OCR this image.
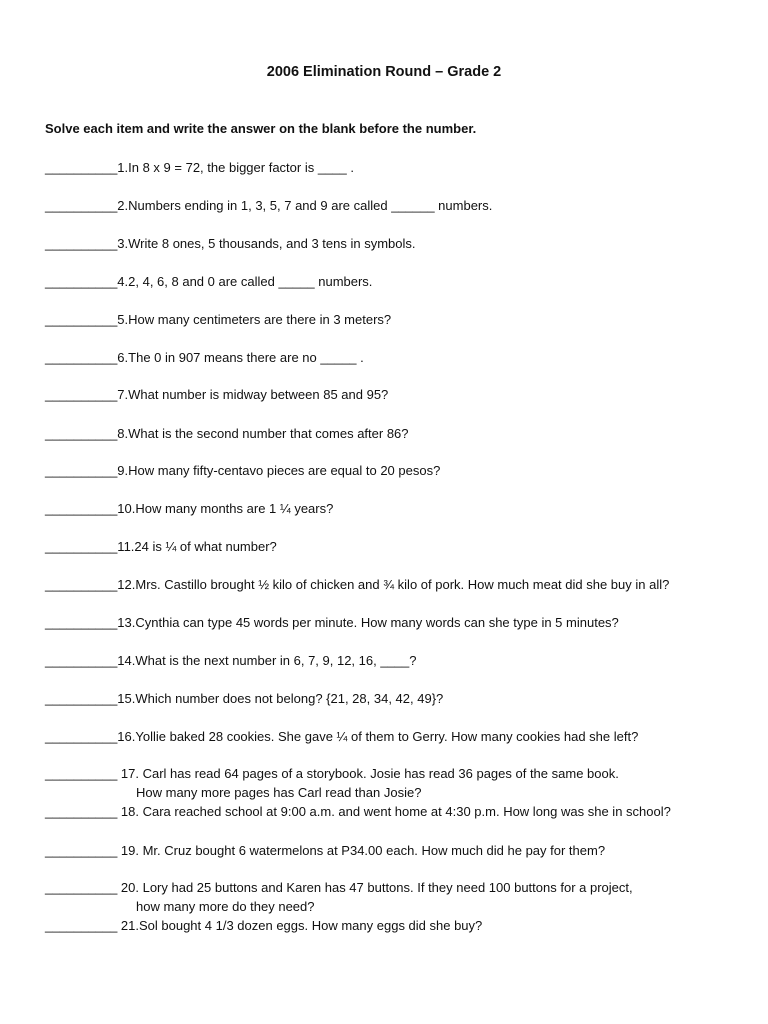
2006 Elimination Round – Grade 2
Solve each item and write the answer on the blank before the number.
__________1.In 8 x 9 = 72, the bigger factor is ____ .
__________2.Numbers ending in 1, 3, 5, 7 and 9 are called ______ numbers.
__________3.Write 8 ones, 5 thousands, and 3 tens in symbols.
__________4.2, 4, 6, 8 and 0 are called _____ numbers.
__________5.How many centimeters are there in 3 meters?
__________6.The 0 in 907 means there are no _____ .
__________7.What number is midway between 85 and 95?
__________8.What is the second number that comes after 86?
__________9.How many fifty-centavo pieces are equal to 20 pesos?
__________10.How many months are 1 ¼ years?
__________11.24 is ¼ of what number?
__________12.Mrs. Castillo brought ½ kilo of chicken and ¾ kilo of pork. How much meat did she buy in all?
__________13.Cynthia can type 45 words per minute. How many words can she type in 5 minutes?
__________14.What is the next number in 6, 7, 9, 12, 16, ____?
__________15.Which number does not belong? {21, 28, 34, 42, 49}?
__________16.Yollie baked 28 cookies. She gave ¼ of them to Gerry. How many cookies had she left?
__________ 17. Carl has read 64 pages of a storybook. Josie has read 36 pages of the same book.
How many more pages has Carl read than Josie?
__________ 18. Cara reached school at 9:00 a.m. and went home at 4:30 p.m. How long was she in school?
__________ 19. Mr. Cruz bought 6 watermelons at P34.00 each. How much did he pay for them?
__________ 20. Lory had 25 buttons and Karen has 47 buttons. If they need 100 buttons for a project,
how many more do they need?
__________ 21.Sol bought 4 1/3 dozen eggs. How many eggs did she buy?
